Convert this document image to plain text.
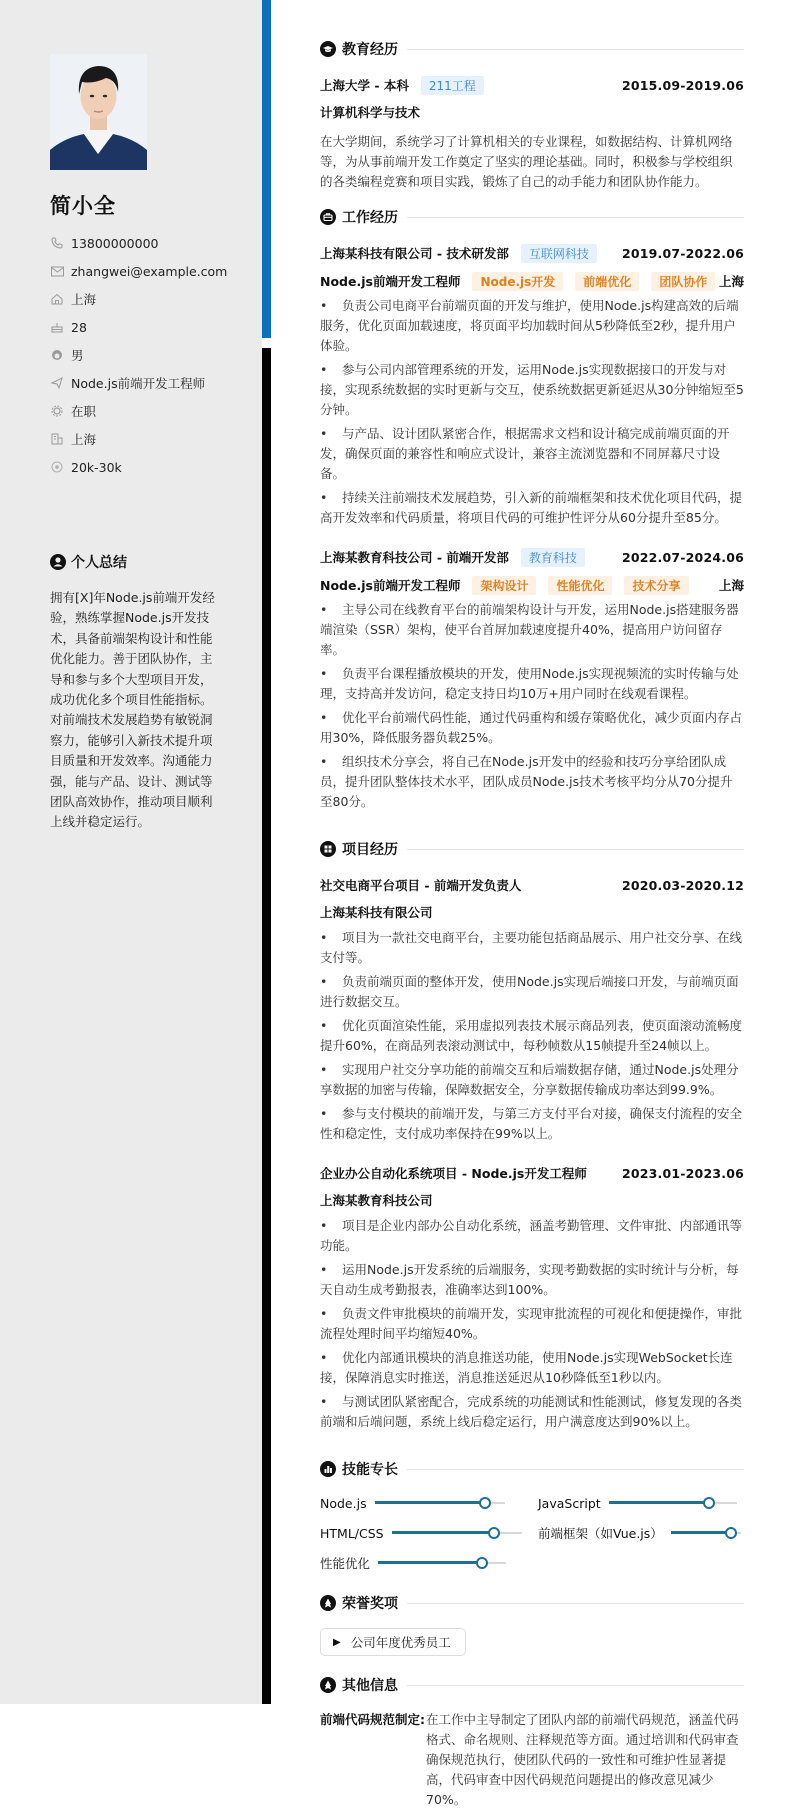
简小全
13800000000
zhangwei@example.com
上海
28
男
Node.js前端开发工程师
在职
上海
20k-30k
个人总结
拥有[X]年Node.js前端开发经验，熟练掌握Node.js开发技术，具备前端架构设计和性能优化能力。善于团队协作，主导和参与多个大型项目开发，成功优化多个项目性能指标。对前端技术发展趋势有敏锐洞察力，能够引入新技术提升项目质量和开发效率。沟通能力强，能与产品、设计、测试等团队高效协作，推动项目顺利上线并稳定运行。
教育经历
上海大学 - 本科	211工程	2015.09-2019.06
计算机科学与技术
在大学期间，系统学习了计算机相关的专业课程，如数据结构、计算机网络等，为从事前端开发工作奠定了坚实的理论基础。同时，积极参与学校组织的各类编程竞赛和项目实践，锻炼了自己的动手能力和团队协作能力。
工作经历
上海某科技有限公司 - 技术研发部	互联网科技	2019.07-2022.06
Node.js前端开发工程师	Node.js开发	前端优化	团队协作 上海
• 负责公司电商平台前端页面的开发与维护，使用Node.js构建高效的后端服务，优化页面加载速度，将页面平均加载时间从5秒降低至2秒，提升用户体验。
• 参与公司内部管理系统的开发，运用Node.js实现数据接口的开发与对接，实现系统数据的实时更新与交互，使系统数据更新延迟从30分钟缩短至5分钟。
• 与产品、设计团队紧密合作，根据需求文档和设计稿完成前端页面的开发，确保页面的兼容性和响应式设计，兼容主流浏览器和不同屏幕尺寸设备。
• 持续关注前端技术发展趋势，引入新的前端框架和技术优化项目代码，提高开发效率和代码质量，将项目代码的可维护性评分从60分提升至85分。
上海某教育科技公司 - 前端开发部	教育科技	2022.07-2024.06
Node.js前端开发工程师	架构设计	性能优化	技术分享	上海
• 主导公司在线教育平台的前端架构设计与开发，运用Node.js搭建服务器端渲染（SSR）架构，使平台首屏加载速度提升40%，提高用户访问留存率。
• 负责平台课程播放模块的开发，使用Node.js实现视频流的实时传输与处理，支持高并发访问，稳定支持日均10万+用户同时在线观看课程。
• 优化平台前端代码性能，通过代码重构和缓存策略优化，减少页面内存占用30%，降低服务器负载25%。
• 组织技术分享会，将自己在Node.js开发中的经验和技巧分享给团队成员，提升团队整体技术水平，团队成员Node.js技术考核平均分从70分提升至80分。
项目经历
社交电商平台项目 - 前端开发负责人	2020.03-2020.12
上海某科技有限公司
• 项目为一款社交电商平台，主要功能包括商品展示、用户社交分享、在线支付等。
• 负责前端页面的整体开发，使用Node.js实现后端接口开发，与前端页面进行数据交互。
• 优化页面渲染性能，采用虚拟列表技术展示商品列表，使页面滚动流畅度提升60%，在商品列表滚动测试中，每秒帧数从15帧提升至24帧以上。
• 实现用户社交分享功能的前端交互和后端数据存储，通过Node.js处理分享数据的加密与传输，保障数据安全，分享数据传输成功率达到99.9%。
• 参与支付模块的前端开发，与第三方支付平台对接，确保支付流程的安全性和稳定性，支付成功率保持在99%以上。
企业办公自动化系统项目 - Node.js开发工程师	2023.01-2023.06
上海某教育科技公司
• 项目是企业内部办公自动化系统，涵盖考勤管理、文件审批、内部通讯等功能。
• 运用Node.js开发系统的后端服务，实现考勤数据的实时统计与分析，每天自动生成考勤报表，准确率达到100%。
• 负责文件审批模块的前端开发，实现审批流程的可视化和便捷操作，审批流程处理时间平均缩短40%。
• 优化内部通讯模块的消息推送功能，使用Node.js实现WebSocket长连接，保障消息实时推送，消息推送延迟从10秒降低至1秒以内。
• 与测试团队紧密配合，完成系统的功能测试和性能测试，修复发现的各类前端和后端问题，系统上线后稳定运行，用户满意度达到90%以上。
技能专长
Node.js	JavaScript
HTML/CSS	前端框架（如Vue.js）
性能优化
荣誉奖项
▶ 公司年度优秀员工
其他信息
前端代码规范制定: 在工作中主导制定了团队内部的前端代码规范，涵盖代码格式、命名规则、注释规范等方面。通过培训和代码审查确保规范执行，使团队代码的一致性和可维护性显著提高，代码审查中因代码规范问题提出的修改意见减少70%。
